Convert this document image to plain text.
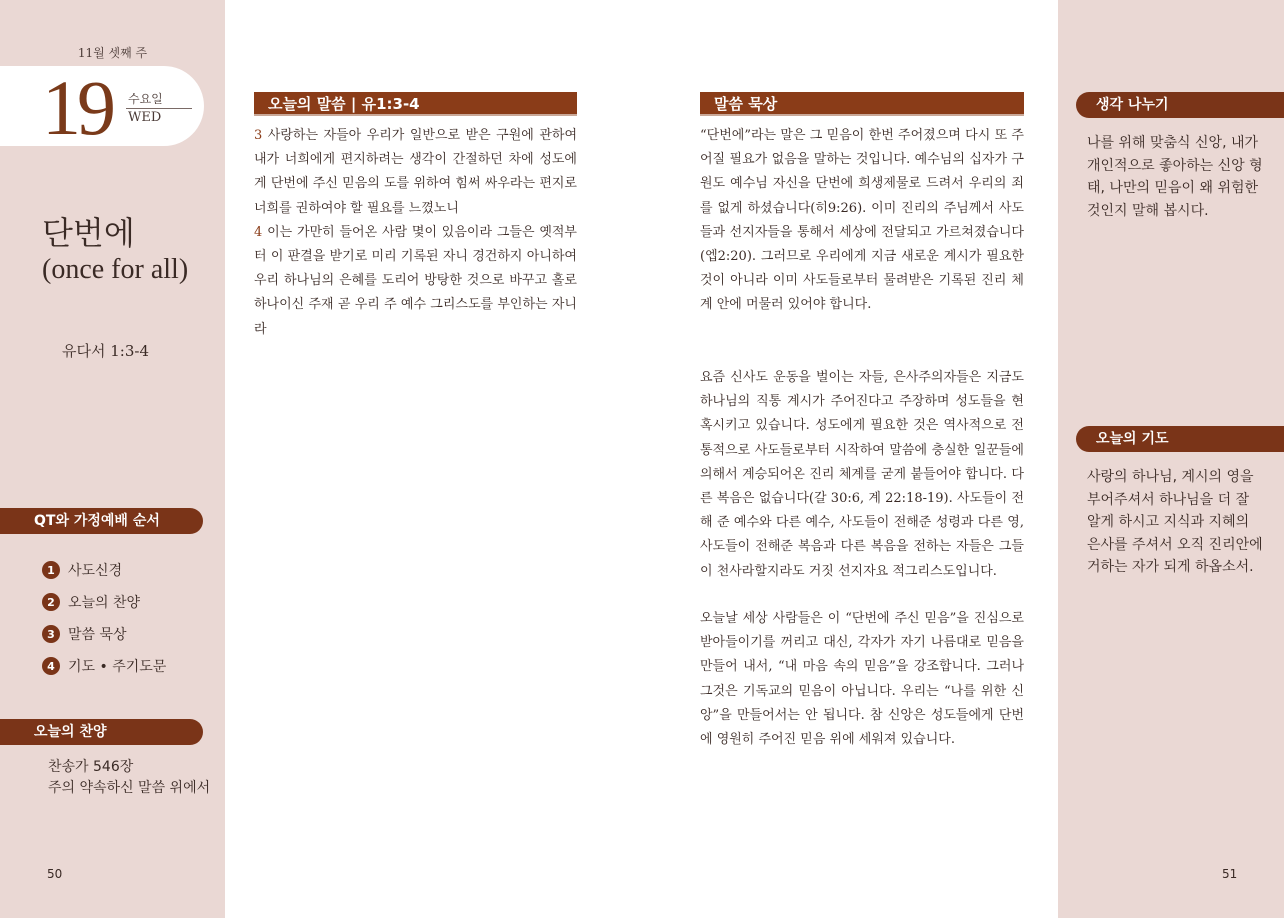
11월 셋째 주
19 수요일
WED
단번에
(once for all)
유다서 1:3-4
QT와 가정예배 순서
1 사도신경
2 오늘의 찬양
3 말씀 묵상
4 기도 • 주기도문
오늘의 찬양
찬송가 546장
주의 약속하신 말씀 위에서
50
오늘의 말씀 | 유1:3-4

3 사랑하는 자들아 우리가 일반으로 받은 구원에 관하여 내가 너희에게 편지하려는 생각이 간절하던 차에 성도에게 단번에 주신 믿음의 도를 위하여 힘써 싸우라는 편지로 너희를 권하여야 할 필요를 느꼈노니
4 이는 가만히 들어온 사람 몇이 있음이라 그들은 옛적부터 이 판결을 받기로 미리 기록된 자니 경건하지 아니하여 우리 하나님의 은혜를 도리어 방탕한 것으로 바꾸고 홀로 하나이신 주재 곧 우리 주 예수 그리스도를 부인하는 자니라

말씀 묵상

“단번에”라는 말은 그 믿음이 한번 주어졌으며 다시 또 주어질 필요가 없음을 말하는 것입니다. 예수님의 십자가 구원도 예수님 자신을 단번에 희생제물로 드려서 우리의 죄를 없게 하셨습니다(히9:26). 이미 진리의 주님께서 사도들과 선지자들을 통해서 세상에 전달되고 가르쳐졌습니다(엡2:20). 그러므로 우리에게 지금 새로운 계시가 필요한 것이 아니라 이미 사도들로부터 물려받은 기록된 진리 체계 안에 머물러 있어야 합니다.

요즘 신사도 운동을 벌이는 자들, 은사주의자들은 지금도 하나님의 직통 계시가 주어진다고 주장하며 성도들을 현혹시키고 있습니다. 성도에게 필요한 것은 역사적으로 전통적으로 사도들로부터 시작하여 말씀에 충실한 일꾼들에 의해서 계승되어온 진리 체계를 굳게 붙들어야 합니다. 다른 복음은 없습니다(갈 30:6, 계 22:18-19). 사도들이 전해 준 예수와 다른 예수, 사도들이 전해준 성령과 다른 영, 사도들이 전해준 복음과 다른 복음을 전하는 자들은 그들이 천사라할지라도 거짓 선지자요 적그리스도입니다.

오늘날 세상 사람들은 이 “단번에 주신 믿음”을 진심으로 받아들이기를 꺼리고 대신, 각자가 자기 나름대로 믿음을 만들어 내서, “내 마음 속의 믿음”을 강조합니다. 그러나 그것은 기독교의 믿음이 아닙니다. 우리는 “나를 위한 신앙”을 만들어서는 안 됩니다. 참 신앙은 성도들에게 단번에 영원히 주어진 믿음 위에 세워져 있습니다.

생각 나누기

나를 위해 맞춤식 신앙, 내가 개인적으로 좋아하는 신앙 형태, 나만의 믿음이 왜 위험한 것인지 말해 봅시다.

오늘의 기도

사랑의 하나님, 계시의 영을 부어주셔서 하나님을 더 잘 알게 하시고 지식과 지혜의 은사를 주셔서 오직 진리안에 거하는 자가 되게 하옵소서.

51
